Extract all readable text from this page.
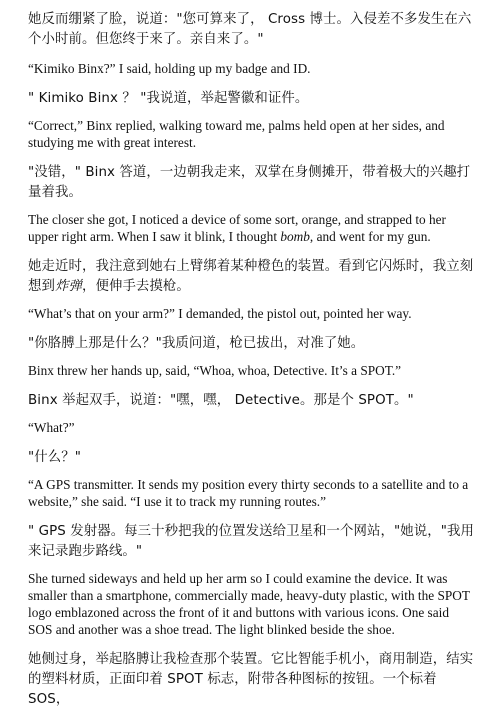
她反而绷紧了脸，说道："您可算来了， Cross 博士。入侵差不多发生在六个小时前。但您终于来了。亲自来了。"

“Kimiko Binx?” I said, holding up my badge and ID.

" Kimiko Binx ？ "我说道，举起警徽和证件。

“Correct,” Binx replied, walking toward me, palms held open at her sides, and studying me with great interest.

"没错，" Binx 答道，一边朝我走来，双掌在身侧摊开，带着极大的兴趣打量着我。

The closer she got, I noticed a device of some sort, orange, and strapped to her upper right arm. When I saw it blink, I thought bomb, and went for my gun.

她走近时，我注意到她右上臂绑着某种橙色的装置。看到它闪烁时，我立刻想到炸弹，便伸手去摸枪。

“What’s that on your arm?” I demanded, the pistol out, pointed her way.

"你胳膊上那是什么？"我质问道，枪已拔出，对准了她。

Binx threw her hands up, said, “Whoa, whoa, Detective. It’s a SPOT.”

Binx 举起双手，说道："嘿，嘿， Detective。那是个 SPOT。"

“What?”

"什么？"

“A GPS transmitter. It sends my position every thirty seconds to a satellite and to a website,” she said. “I use it to track my running routes.”

" GPS 发射器。每三十秒把我的位置发送给卫星和一个网站，"她说，"我用来记录跑步路线。"

She turned sideways and held up her arm so I could examine the device. It was smaller than a smartphone, commercially made, heavy-duty plastic, with the SPOT logo emblazoned across the front of it and buttons with various icons. One said SOS and another was a shoe tread. The light blinked beside the shoe.

她侧过身，举起胳膊让我检查那个装置。它比智能手机小，商用制造，结实的塑料材质，正面印着 SPOT 标志，附带各种图标的按钮。一个标着 SOS，
